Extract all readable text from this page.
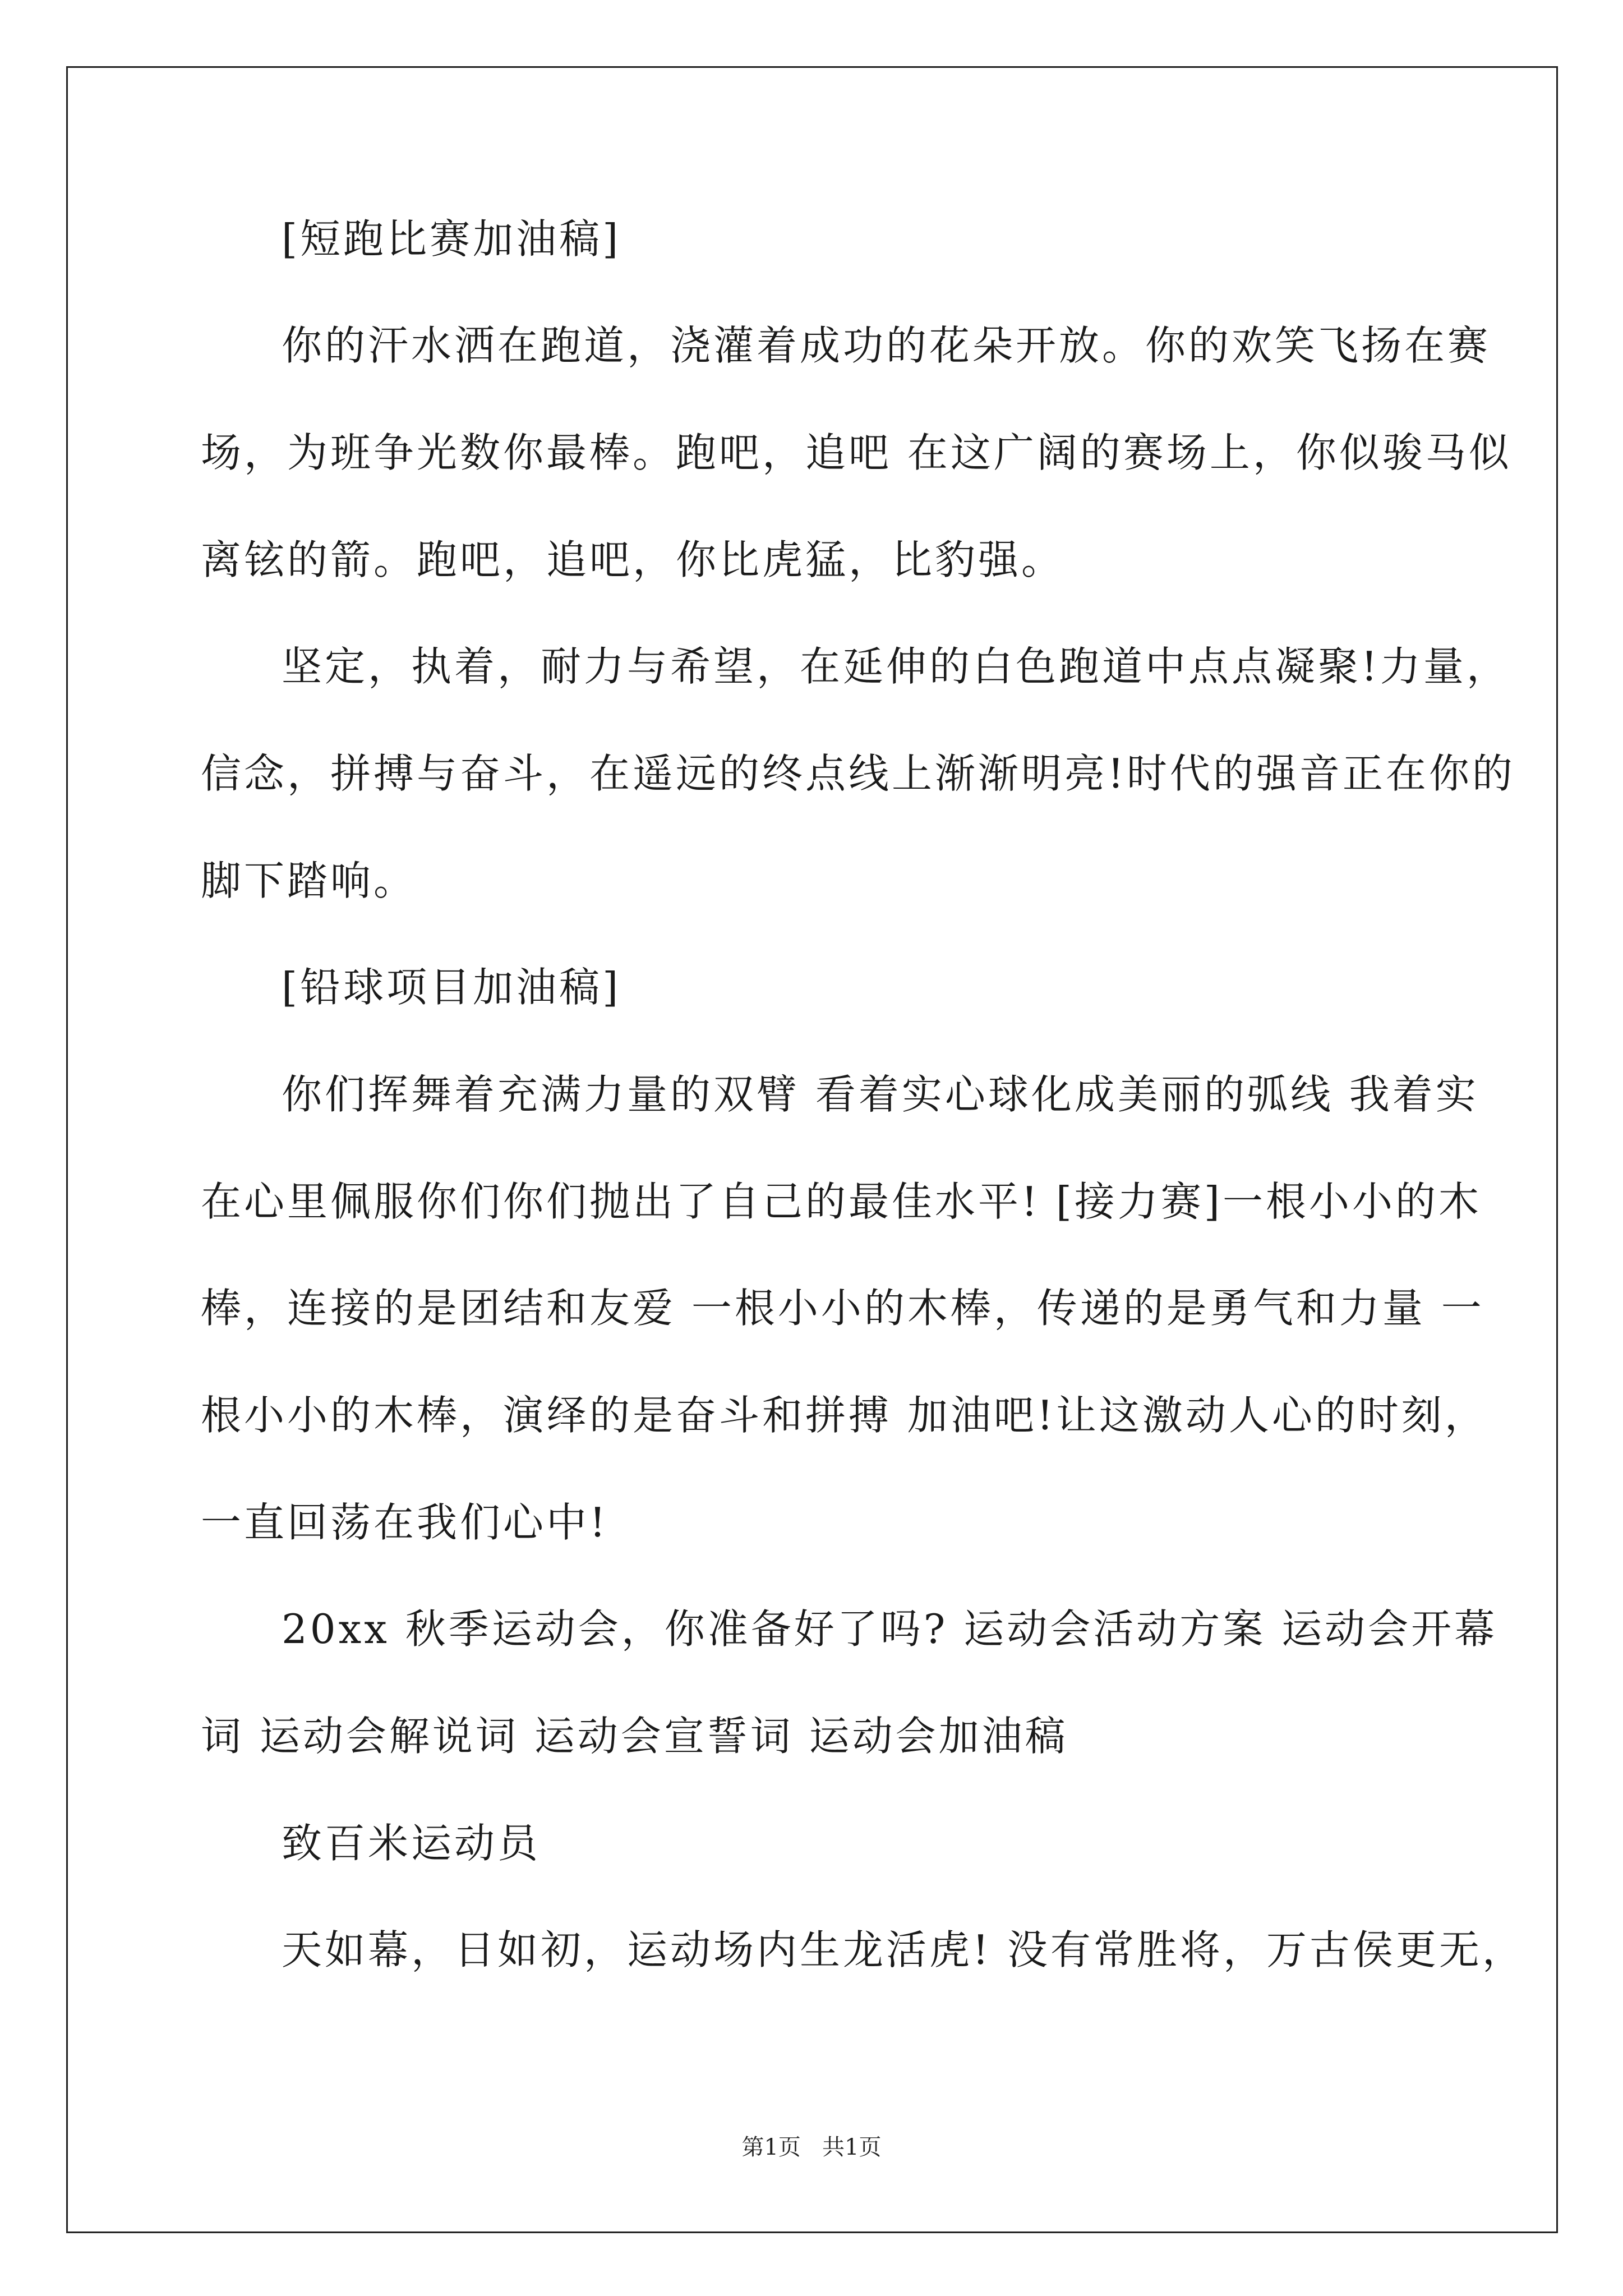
[短跑比赛加油稿]
你的汗水洒在跑道，浇灌着成功的花朵开放。你的欢笑飞扬在赛
场，为班争光数你最棒。跑吧，追吧 在这广阔的赛场上，你似骏马似
离铉的箭。跑吧，追吧，你比虎猛，比豹强。
坚定，执着，耐力与希望，在延伸的白色跑道中点点凝聚!力量，
信念，拼搏与奋斗，在遥远的终点线上渐渐明亮!时代的强音正在你的
脚下踏响。
[铅球项目加油稿]
你们挥舞着充满力量的双臂 看着实心球化成美丽的弧线 我着实
在心里佩服你们你们抛出了自己的最佳水平! [接力赛]一根小小的木
棒，连接的是团结和友爱 一根小小的木棒，传递的是勇气和力量 一
根小小的木棒，演绎的是奋斗和拼搏 加油吧!让这激动人心的时刻，
一直回荡在我们心中!
20xx 秋季运动会，你准备好了吗? 运动会活动方案 运动会开幕
词 运动会解说词 运动会宣誓词 运动会加油稿
致百米运动员
天如幕，日如初，运动场内生龙活虎! 没有常胜将，万古侯更无，
第1页   共1页
